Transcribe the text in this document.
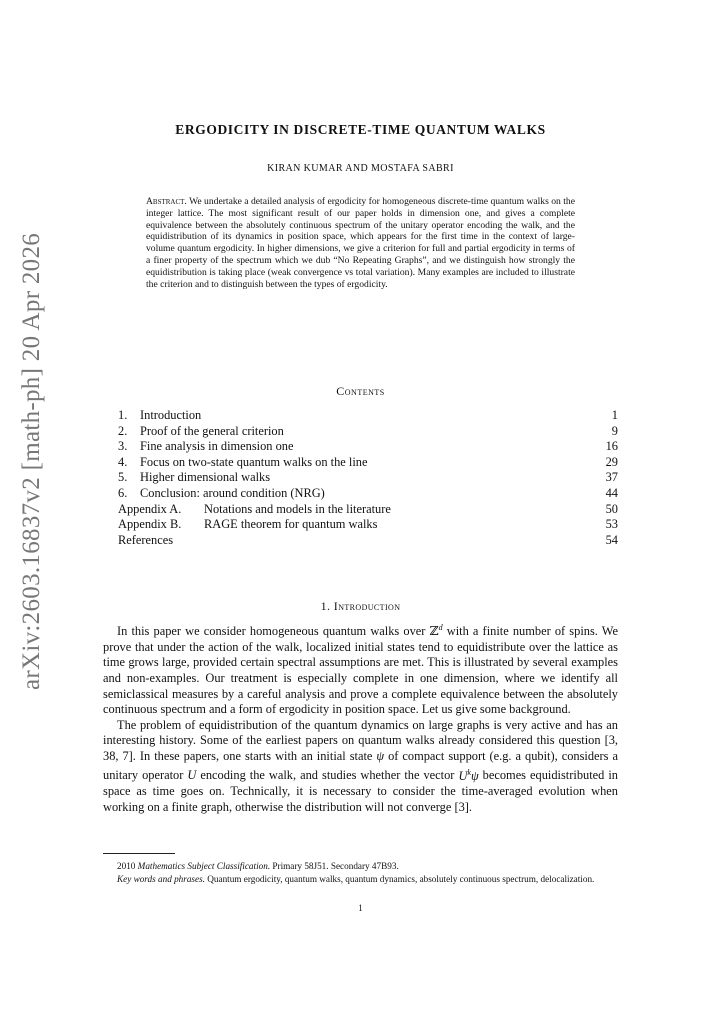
arXiv:2603.16837v2 [math-ph] 20 Apr 2026
ERGODICITY IN DISCRETE-TIME QUANTUM WALKS
KIRAN KUMAR AND MOSTAFA SABRI
Abstract. We undertake a detailed analysis of ergodicity for homogeneous discrete-time quantum walks on the integer lattice. The most significant result of our paper holds in dimension one, and gives a complete equivalence between the absolutely continuous spectrum of the unitary operator encoding the walk, and the equidistribution of its dynamics in position space, which appears for the first time in the context of large-volume quantum ergodicity. In higher dimensions, we give a criterion for full and partial ergodicity in terms of a finer property of the spectrum which we dub “No Repeating Graphs”, and we distinguish how strongly the equidistribution is taking place (weak convergence vs total variation). Many examples are included to illustrate the criterion and to distinguish between the types of ergodicity.
Contents
1.	Introduction	1
2.	Proof of the general criterion	9
3.	Fine analysis in dimension one	16
4.	Focus on two-state quantum walks on the line	29
5.	Higher dimensional walks	37
6.	Conclusion: around condition (NRG)	44
Appendix A.	Notations and models in the literature	50
Appendix B.	RAGE theorem for quantum walks	53
References	54
1. Introduction

In this paper we consider homogeneous quantum walks over ℤ$^d$ with a finite number of spins. We prove that under the action of the walk, localized initial states tend to equidistribute over the lattice as time grows large, provided certain spectral assumptions are met. This is illustrated by several examples and non-examples. Our treatment is especially complete in one dimension, where we identify all semiclassical measures by a careful analysis and prove a complete equivalence between the absolutely continuous spectrum and a form of ergodicity in position space. Let us give some background.

The problem of equidistribution of the quantum dynamics on large graphs is very active and has an interesting history. Some of the earliest papers on quantum walks already considered this question [3, 38, 7]. In these papers, one starts with an initial state ψ of compact support (e.g. a qubit), considers a unitary operator U encoding the walk, and studies whether the vector $U^k\psi$ becomes equidistributed in space as time goes on. Technically, it is necessary to consider the time-averaged evolution when working on a finite graph, otherwise the distribution will not converge [3].

2010 Mathematics Subject Classification. Primary 58J51. Secondary 47B93.

Key words and phrases. Quantum ergodicity, quantum walks, quantum dynamics, absolutely continuous spectrum, delocalization.

1
